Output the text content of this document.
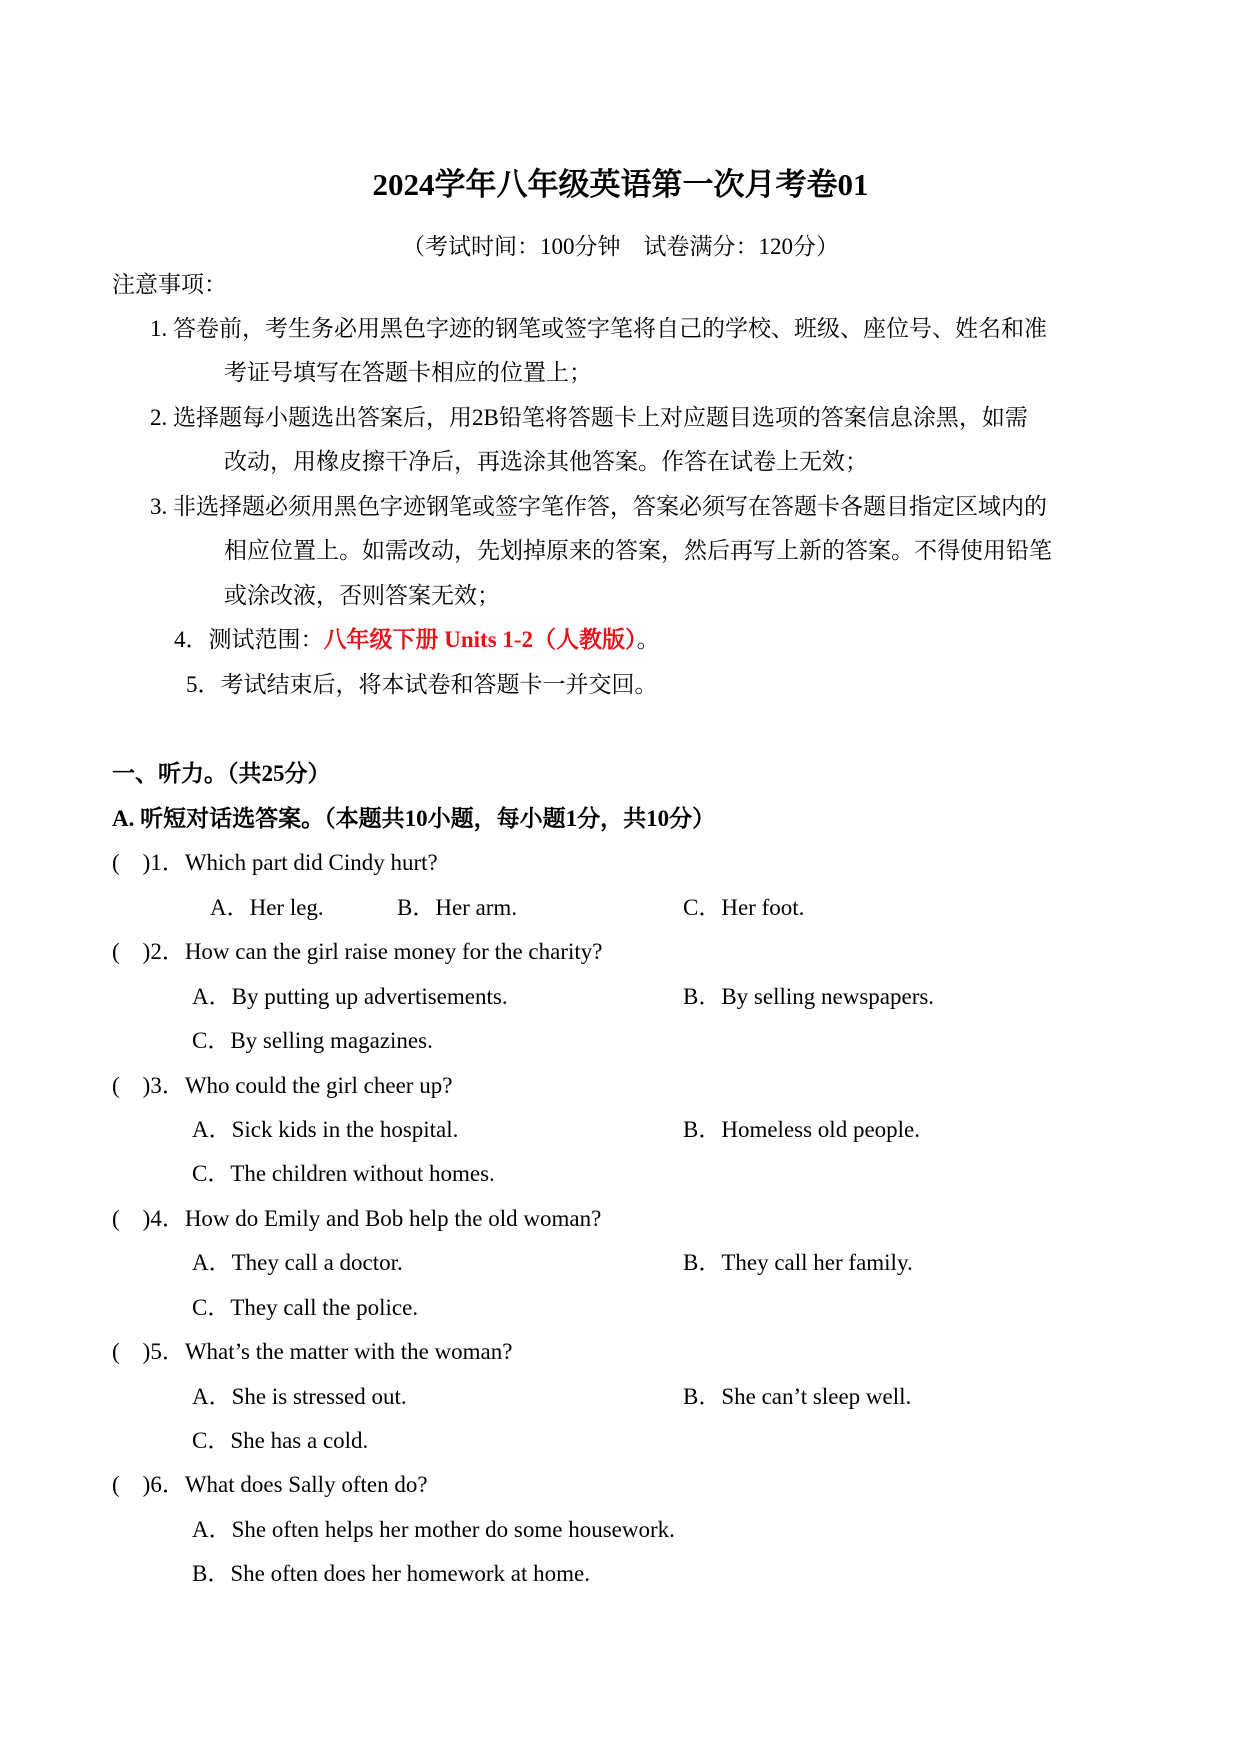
2024学年八年级英语第一次月考卷01
（考试时间：100分钟　试卷满分：120分）
注意事项：
1. 答卷前，考生务必用黑色字迹的钢笔或签字笔将自己的学校、班级、座位号、姓名和准
考证号填写在答题卡相应的位置上；
2. 选择题每小题选出答案后，用2B铅笔将答题卡上对应题目选项的答案信息涂黑，如需
改动，用橡皮擦干净后，再选涂其他答案。作答在试卷上无效；
3. 非选择题必须用黑色字迹钢笔或签字笔作答，答案必须写在答题卡各题目指定区域内的
相应位置上。如需改动，先划掉原来的答案，然后再写上新的答案。不得使用铅笔
或涂改液，否则答案无效；
4．测试范围：八年级下册 Units 1-2（人教版）。
5．考试结束后，将本试卷和答题卡一并交回。
一、听力。（共25分）
A. 听短对话选答案。（本题共10小题，每小题1分，共10分）
(　)1．Which part did Cindy hurt?
A．Her leg.	B．Her arm.	C．Her foot.
(　)2．How can the girl raise money for the charity?
A．By putting up advertisements.	B．By selling newspapers.
C．By selling magazines.
(　)3．Who could the girl cheer up?
A．Sick kids in the hospital.	B．Homeless old people.
C．The children without homes.
(　)4．How do Emily and Bob help the old woman?
A．They call a doctor.	B．They call her family.
C．They call the police.
(　)5．What’s the matter with the woman?
A．She is stressed out.	B．She can’t sleep well.
C．She has a cold.
(　)6．What does Sally often do?
A．She often helps her mother do some housework.
B．She often does her homework at home.
